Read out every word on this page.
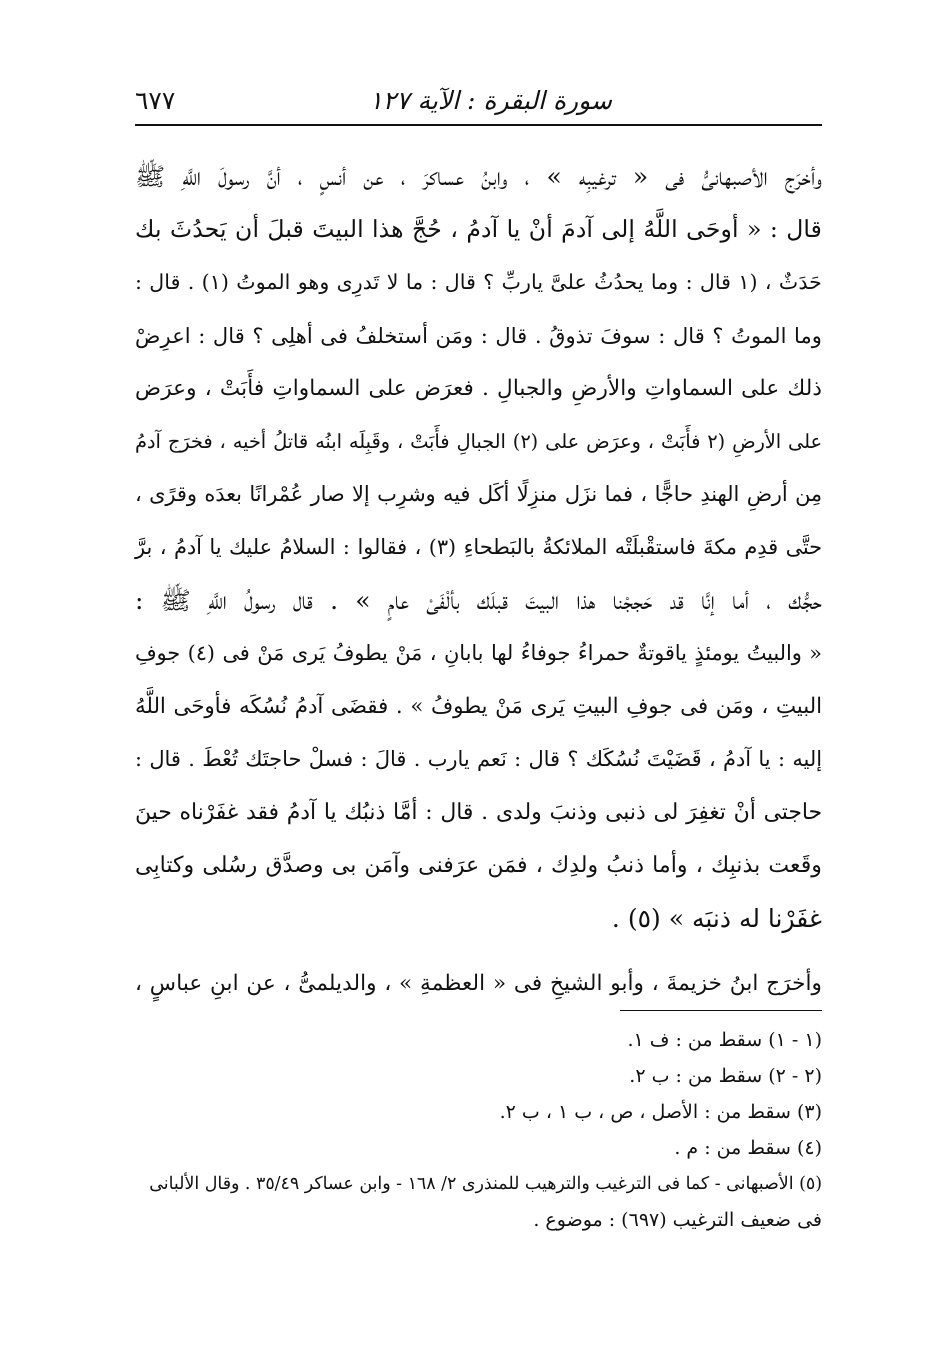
سورة البقرة : الآية ١٢٧
٦٧٧
وأخرَج الأصبهانىُّ فى « ترغيبِه » ، وابنُ عساكرَ ، عن أنسٍ ، أنَّ رسولَ اللَّهِ ﷺ
قال : « أوحَى اللَّهُ إلى آدمَ أنْ يا آدمُ ، حُجَّ هذا البيتَ قبلَ أن يَحدُثَ بك
حَدَثٌ ، (١ قال : وما يحدُثُ علىَّ ياربِّ ؟ قال : ما لا تَدرِى وهو الموتُ (١) . قال :
وما الموتُ ؟ قال : سوفَ تذوقُ . قال : ومَن أستخلفُ فى أهلِى ؟ قال : اعرِضْ
ذلك على السماواتِ والأرضِ والجبالِ . فعرَض على السماواتِ فأَبَتْ ، وعرَض
على الأرضِ (٢ فأَبَتْ ، وعرَض على (٢) الجبالِ فأَبَتْ ، وقَبِلَه ابنُه قاتلُ أخيه ، فخرَج آدمُ
مِن أرضِ الهندِ حاجًّا ، فما نزَل منزِلًا أكَل فيه وشرِب إلا صار عُمْرانًا بعدَه وقرًى ،
حتَّى قدِم مكةَ فاستقْبلَتْه الملائكةُ بالبَطحاءِ (٣) ، فقالوا : السلامُ عليك يا آدمُ ، برَّ
حجُّك ، أما إنَّا قد حَججْنا هذا البيتَ قبلَك بألْفَىْ عامٍ » . قال رسولُ اللَّهِ ﷺ :
« والبيتُ يومئذٍ ياقوتةٌ حمراءُ جوفاءُ لها بابانِ ، مَنْ يطوفُ يَرى مَنْ فى (٤) جوفِ
البيتِ ، ومَن فى جوفِ البيتِ يَرى مَنْ يطوفُ » . فقضَى آدمُ نُسُكَه فأوحَى اللَّهُ
إليه : يا آدمُ ، قَضَيْتَ نُسُكَك ؟ قال : نَعم يارب . قالَ : فسلْ حاجتَك تُعْطَ . قال :
حاجتى أنْ تغفِرَ لى ذنبى وذنبَ ولدى . قال : أمَّا ذنبُك يا آدمُ فقد غفَرْناه حينَ
وقَعت بذنبِك ، وأما ذنبُ ولدِك ، فمَن عرَفنى وآمَن بى وصدَّق رسُلى وكتابِى
غفَرْنا له ذنبَه » (٥) .
وأخرَج ابنُ خزيمةَ ، وأبو الشيخِ فى « العظمةِ » ، والديلمىُّ ، عن ابنِ عباسٍ ،
(١ - ١) سقط من : ف ١.
(٢ - ٢) سقط من : ب ٢.
(٣) سقط من : الأصل ، ص ، ب ١ ، ب ٢.
(٤) سقط من : م .
(٥) الأصبهانى - كما فى الترغيب والترهيب للمنذرى ٢/ ١٦٨ - وابن عساكر ٣٥/٤٩ . وقال الألبانى
فى ضعيف الترغيب (٦٩٧) : موضوع .
